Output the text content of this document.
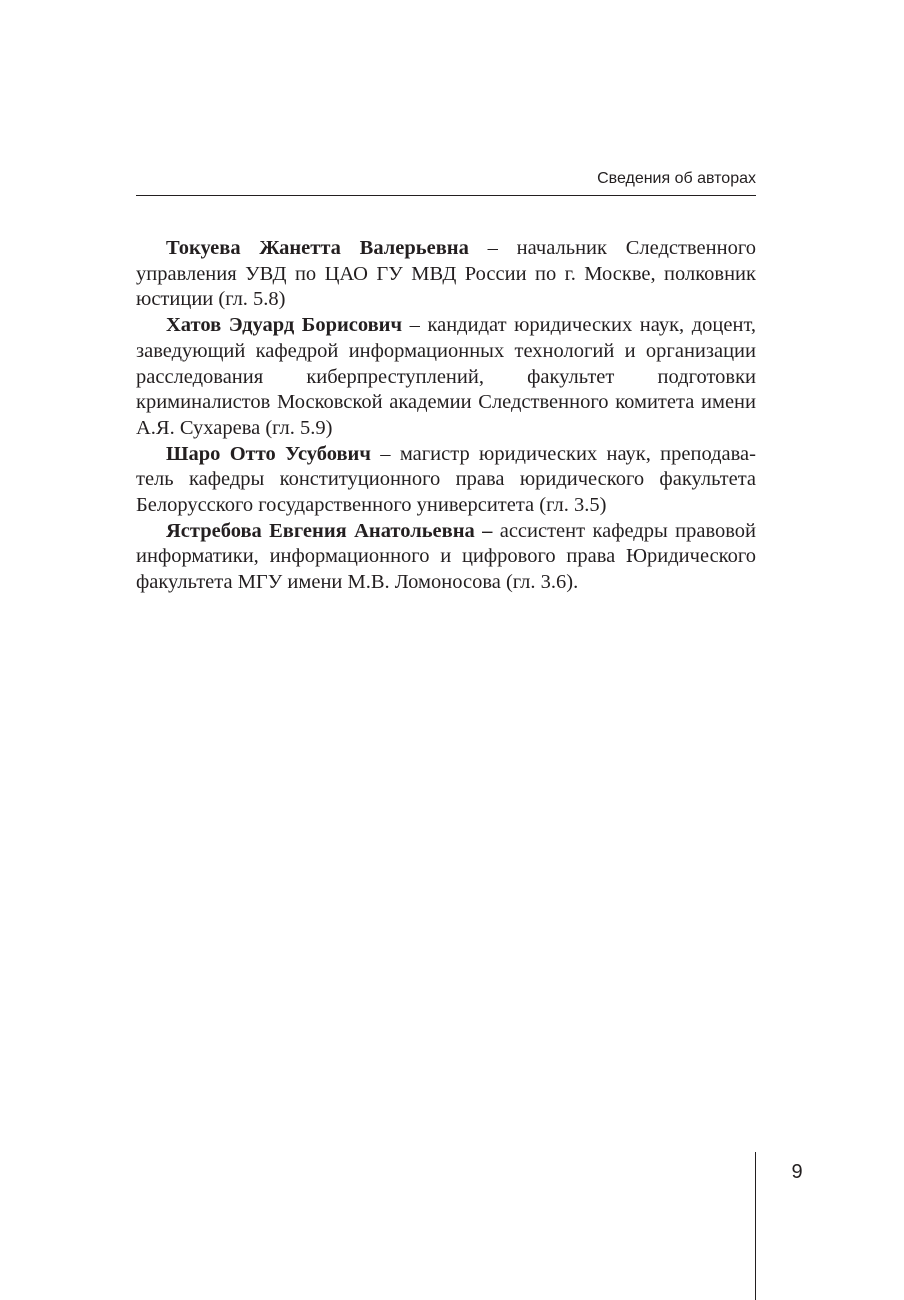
Сведения об авторах

Токуева Жанетта Валерьевна – начальник Следственного управления УВД по ЦАО ГУ МВД России по г. Москве, полковник юстиции (гл. 5.8)

Хатов Эдуард Борисович – кандидат юридических наук, доцент, заведующий кафедрой информационных технологий и организации расследования киберпреступлений, факультет подготовки криминалистов Московской академии Следственного комитета имени А.Я. Сухарева (гл. 5.9)

Шаро Отто Усубович – магистр юридических наук, преподаватель кафедры конституционного права юридического факультета Белорусского государственного университета (гл. 3.5)

Ястребова Евгения Анатольевна – ассистент кафедры правовой информатики, информационного и цифрового права Юридического факультета МГУ имени М.В. Ломоносова (гл. 3.6).

9
